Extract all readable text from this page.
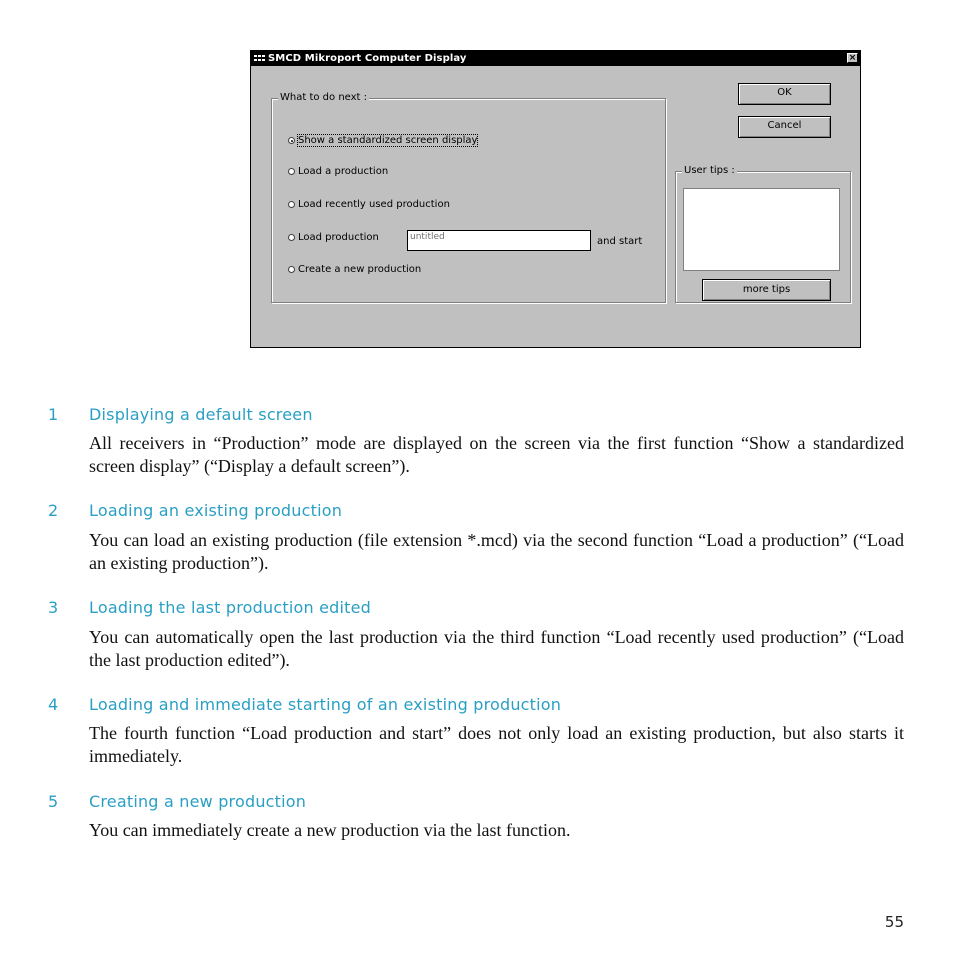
SMCD Mikroport Computer Display	×
What to do next :
Show a standardized screen display
Load a production
Load recently used production
Load production	untitled	and start
Create a new production
OK
Cancel
User tips :
more tips
1 Displaying a default screen
All receivers in “Production” mode are displayed on the screen via the first function “Show a standardized screen display” (“Display a default screen”).
2 Loading an existing production
You can load an existing production (file extension *.mcd) via the second function “Load a production” (“Load an existing production”).
3 Loading the last production edited
You can automatically open the last production via the third function “Load recently used production” (“Load the last production edited”).
4 Loading and immediate starting of an existing production
The fourth function “Load production and start” does not only load an existing production, but also starts it immediately.
5 Creating a new production
You can immediately create a new production via the last function.
55
